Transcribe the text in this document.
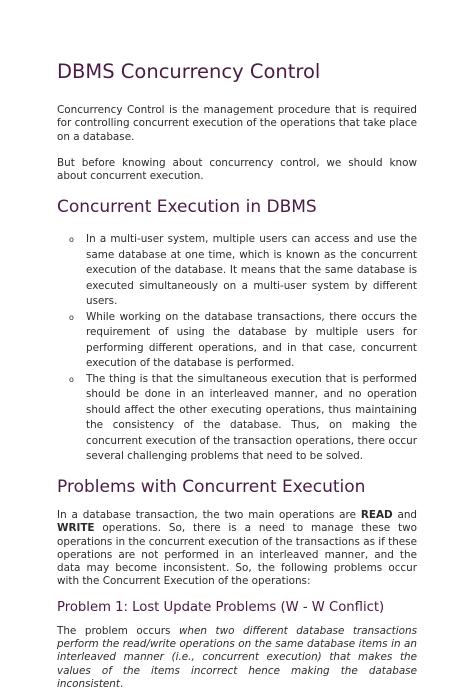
DBMS Concurrency Control

Concurrency Control is the management procedure that is required for controlling concurrent execution of the operations that take place on a database.

But before knowing about concurrency control, we should know about concurrent execution.

Concurrent Execution in DBMS
o In a multi-user system, multiple users can access and use the same database at one time, which is known as the concurrent execution of the database. It means that the same database is executed simultaneously on a multi-user system by different users.
o While working on the database transactions, there occurs the requirement of using the database by multiple users for performing different operations, and in that case, concurrent execution of the database is performed.
o The thing is that the simultaneous execution that is performed should be done in an interleaved manner, and no operation should affect the other executing operations, thus maintaining the consistency of the database. Thus, on making the concurrent execution of the transaction operations, there occur several challenging problems that need to be solved.
Problems with Concurrent Execution

In a database transaction, the two main operations are READ and WRITE operations. So, there is a need to manage these two operations in the concurrent execution of the transactions as if these operations are not performed in an interleaved manner, and the data may become inconsistent. So, the following problems occur with the Concurrent Execution of the operations:

Problem 1: Lost Update Problems (W - W Conflict)

The problem occurs when two different database transactions perform the read/write operations on the same database items in an interleaved manner (i.e., concurrent execution) that makes the values of the items incorrect hence making the database inconsistent.
